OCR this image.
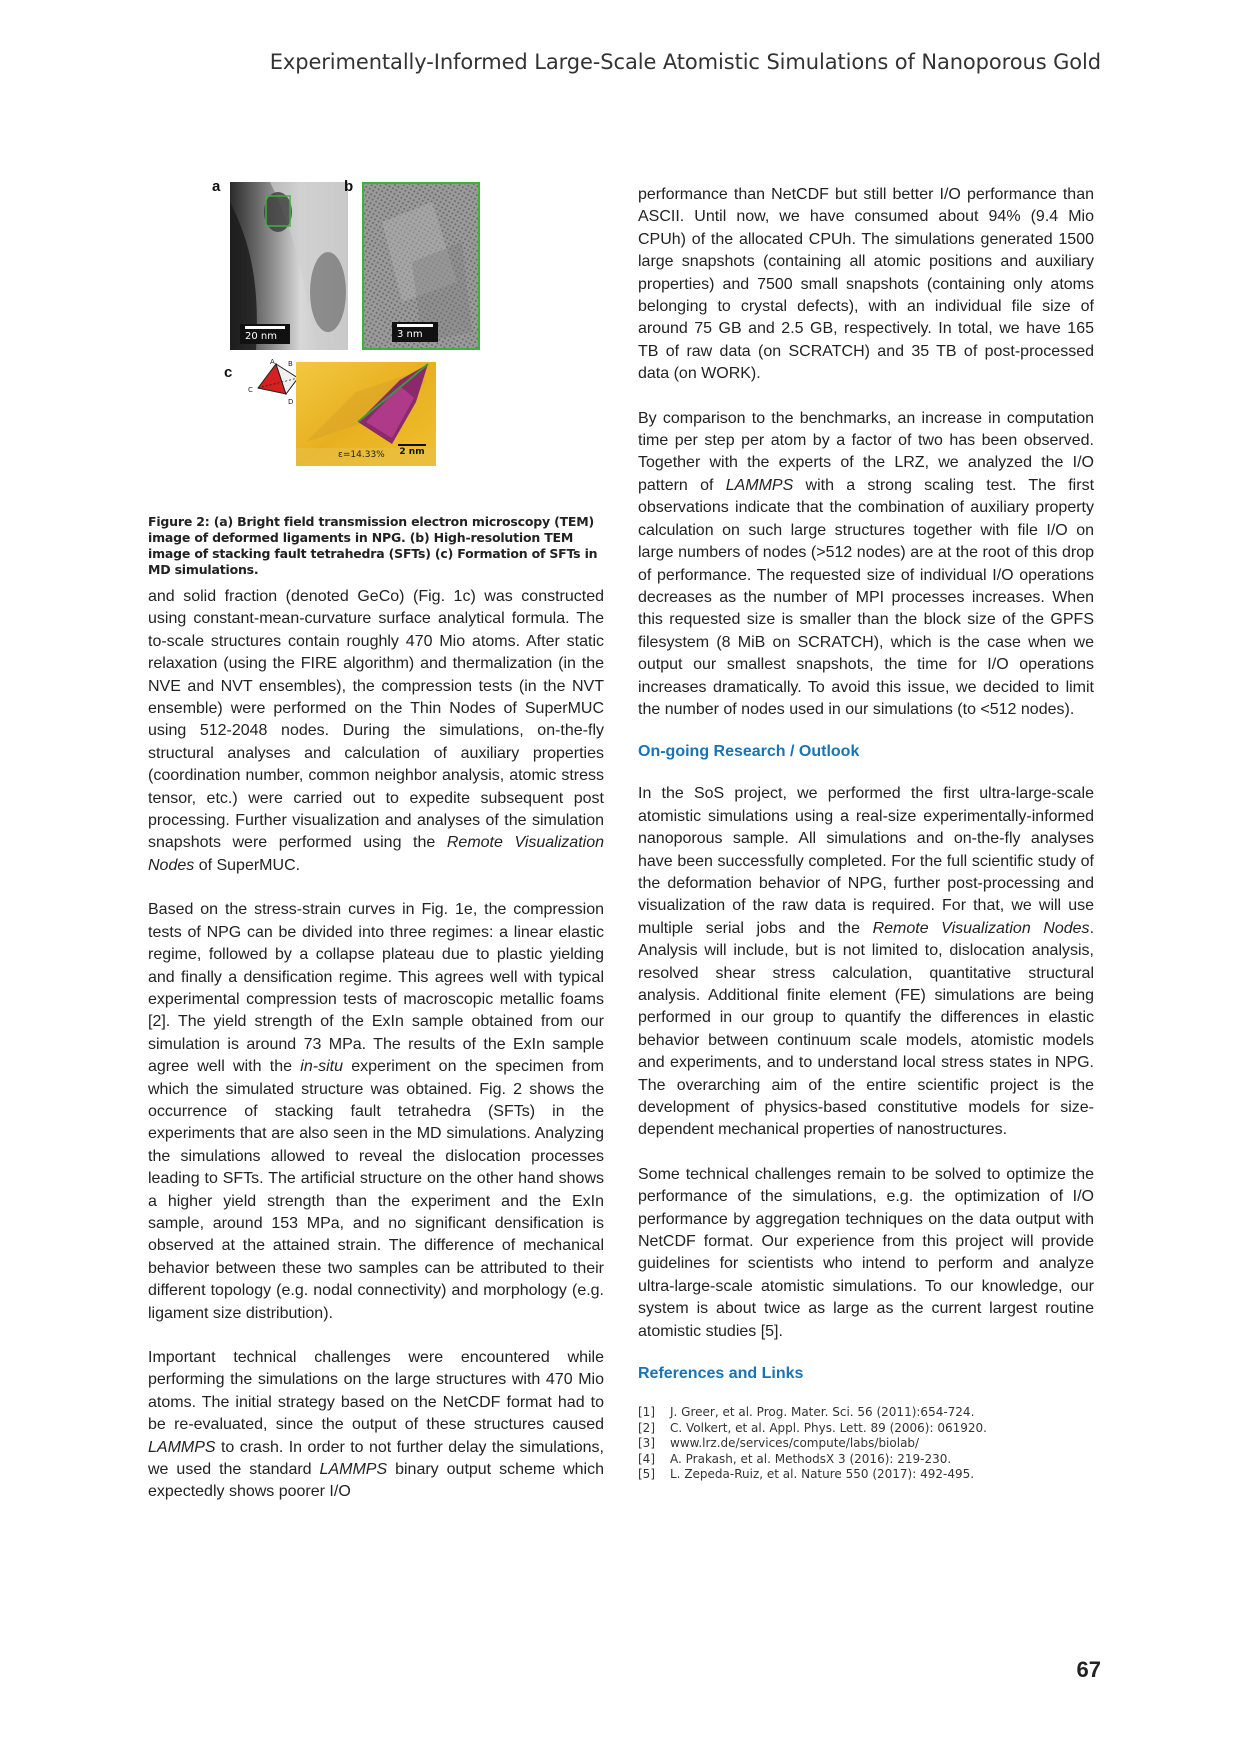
Experimentally-Informed Large-Scale Atomistic Simulations of Nanoporous Gold
a
20 nm
b
3 nm
c
A B
C
D
ε=14.33% 2 nm

Figure 2: (a) Bright field transmission electron microscopy (TEM) image of deformed ligaments in NPG. (b) High-resolution TEM image of stacking fault tetrahedra (SFTs) (c) Formation of SFTs in MD simulations.

and solid fraction (denoted GeCo) (Fig. 1c) was constructed using constant-mean-curvature surface analytical formula. The to-scale structures contain roughly 470 Mio atoms. After static relaxation (using the FIRE algorithm) and thermalization (in the NVE and NVT ensembles), the compression tests (in the NVT ensemble) were performed on the Thin Nodes of SuperMUC using 512-2048 nodes. During the simulations, on-the-fly structural analyses and calculation of auxiliary properties (coordination number, common neighbor analysis, atomic stress tensor, etc.) were carried out to expedite subsequent post processing. Further visualization and analyses of the simulation snapshots were performed using the Remote Visualization Nodes of SuperMUC.

Based on the stress-strain curves in Fig. 1e, the compression tests of NPG can be divided into three regimes: a linear elastic regime, followed by a collapse plateau due to plastic yielding and finally a densification regime. This agrees well with typical experimental compression tests of macroscopic metallic foams [2]. The yield strength of the ExIn sample obtained from our simulation is around 73 MPa. The results of the ExIn sample agree well with the in-situ experiment on the specimen from which the simulated structure was obtained. Fig. 2 shows the occurrence of stacking fault tetrahedra (SFTs) in the experiments that are also seen in the MD simulations. Analyzing the simulations allowed to reveal the dislocation processes leading to SFTs. The artificial structure on the other hand shows a higher yield strength than the experiment and the ExIn sample, around 153 MPa, and no significant densification is observed at the attained strain. The difference of mechanical behavior between these two samples can be attributed to their different topology (e.g. nodal connectivity) and morphology (e.g. ligament size distribution).

Important technical challenges were encountered while performing the simulations on the large structures with 470 Mio atoms. The initial strategy based on the NetCDF format had to be re-evaluated, since the output of these structures caused LAMMPS to crash. In order to not further delay the simulations, we used the standard LAMMPS binary output scheme which expectedly shows poorer I/O

performance than NetCDF but still better I/O performance than ASCII. Until now, we have consumed about 94% (9.4 Mio CPUh) of the allocated CPUh. The simulations generated 1500 large snapshots (containing all atomic positions and auxiliary properties) and 7500 small snapshots (containing only atoms belonging to crystal defects), with an individual file size of around 75 GB and 2.5 GB, respectively. In total, we have 165 TB of raw data (on SCRATCH) and 35 TB of post-processed data (on WORK).

By comparison to the benchmarks, an increase in computation time per step per atom by a factor of two has been observed. Together with the experts of the LRZ, we analyzed the I/O pattern of LAMMPS with a strong scaling test. The first observations indicate that the combination of auxiliary property calculation on such large structures together with file I/O on large numbers of nodes (>512 nodes) are at the root of this drop of performance. The requested size of individual I/O operations decreases as the number of MPI processes increases. When this requested size is smaller than the block size of the GPFS filesystem (8 MiB on SCRATCH), which is the case when we output our smallest snapshots, the time for I/O operations increases dramatically. To avoid this issue, we decided to limit the number of nodes used in our simulations (to <512 nodes).

On-going Research / Outlook

In the SoS project, we performed the first ultra-large-scale atomistic simulations using a real-size experimentally-informed nanoporous sample. All simulations and on-the-fly analyses have been successfully completed. For the full scientific study of the deformation behavior of NPG, further post-processing and visualization of the raw data is required. For that, we will use multiple serial jobs and the Remote Visualization Nodes. Analysis will include, but is not limited to, dislocation analysis, resolved shear stress calculation, quantitative structural analysis. Additional finite element (FE) simulations are being performed in our group to quantify the differences in elastic behavior between continuum scale models, atomistic models and experiments, and to understand local stress states in NPG. The overarching aim of the entire scientific project is the development of physics-based constitutive models for size-dependent mechanical properties of nanostructures.

Some technical challenges remain to be solved to optimize the performance of the simulations, e.g. the optimization of I/O performance by aggregation techniques on the data output with NetCDF format. Our experience from this project will provide guidelines for scientists who intend to perform and analyze ultra-large-scale atomistic simulations. To our knowledge, our system is about twice as large as the current largest routine atomistic studies [5].

References and Links
[1]	J. Greer, et al. Prog. Mater. Sci. 56 (2011):654-724.
[2]	C. Volkert, et al. Appl. Phys. Lett. 89 (2006): 061920.
[3]	www.lrz.de/services/compute/labs/biolab/
[4]	A. Prakash, et al. MethodsX 3 (2016): 219-230.
[5]	L. Zepeda-Ruiz, et al. Nature 550 (2017): 492-495.
67
